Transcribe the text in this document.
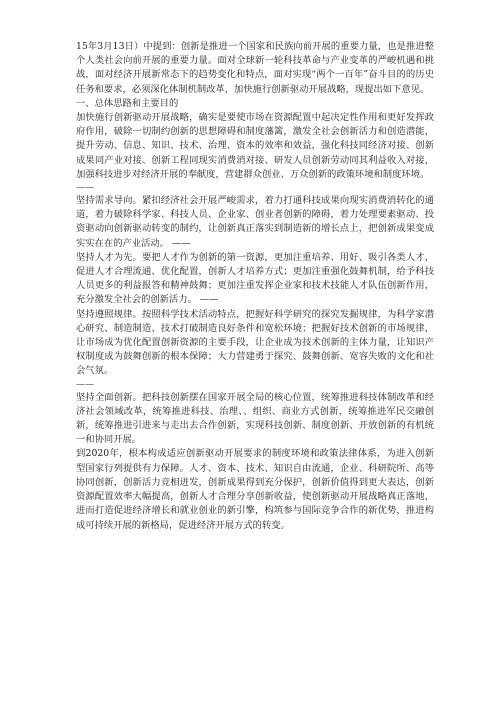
15年3月13日）中提到：创新是推进一个国家和民族向前开展的重要力量，也是推进整个人类社会向前开展的重要力量。面对全球新一轮科技革命与产业变革的严峻机遇和挑战，面对经济开展新常态下的趋势变化和特点，面对实现“两个一百年”奋斗目的的历史任务和要求，必须深化体制机制改革，加快施行创新驱动开展战略，现提出如下意见。

一、总体思路和主要目的

加快施行创新驱动开展战略，确实是要使市场在资源配置中起决定性作用和更好发挥政府作用，破除一切制约创新的思想障碍和制度藩篱，激发全社会创新活力和创造潜能，提升劳动、信息、知识、技术、治理、资本的效率和效益，强化科技同经济对接、创新成果同产业对接、创新工程同现实消费消对接、研发人员创新劳动同其利益收入对接，加强科技进步对经济开展的奉献度，营建群众创业、万众创新的政策环境和制度环境。

——

坚持需求导向。紧扣经济社会开展严峻需求，着力打通科技成果向现实消费消转化的通道，着力破除科学家、科技人员、企业家、创业者创新的障碍，着力处理要素驱动、投资驱动向创新驱动转变的制约，让创新真正落实到制造新的增长点上，把创新成果变成实实在在的产业活动。 ——

坚持人才为先。要把人才作为创新的第一资源，更加注重培养、用好、吸引各类人才，促进人才合理流通、优化配置，创新人才培养方式；更加注重强化鼓舞机制，给予科技人员更多的利益报答和精神鼓舞；更加注重发挥企业家和技术技能人才队伍创新作用，充分激发全社会的创新活力。 ——

坚持遵照规律。按照科学技术活动特点，把握好科学研究的探究发掘规律，为科学家潜心研究、制造制造、技术打破制造良好条件和宽松环境；把握好技术创新的市场规律，让市场成为优化配置创新资源的主要手段，让企业成为技术创新的主体力量，让知识产权制度成为鼓舞创新的根本保障；大力营建勇于探究、鼓舞创新、宽容失败的文化和社会气氛。

——

坚持全面创新。把科技创新摆在国家开展全局的核心位置，统筹推进科技体制改革和经济社会领域改革，统筹推进科技、治理、、组织、商业方式创新，统筹推进军民交融创新，统筹推进引进来与走出去合作创新，实现科技创新、制度创新、开放创新的有机统一和协同开展。

到2020年，根本构成适应创新驱动开展要求的制度环境和政策法律体系，为进入创新型国家行列提供有力保障。人才、资本、技术、知识自由流通，企业、科研院所、高等协同创新，创新活力竞相迸发，创新成果得到充分保护，创新价值得到更大表达，创新资源配置效率大幅提高，创新人才合理分享创新收益，使创新驱动开展战略真正落地，进而打造促进经济增长和就业创业的新引擎，构筑参与国际竞争合作的新优势，推进构成可持续开展的新格局，促进经济开展方式的转变。
